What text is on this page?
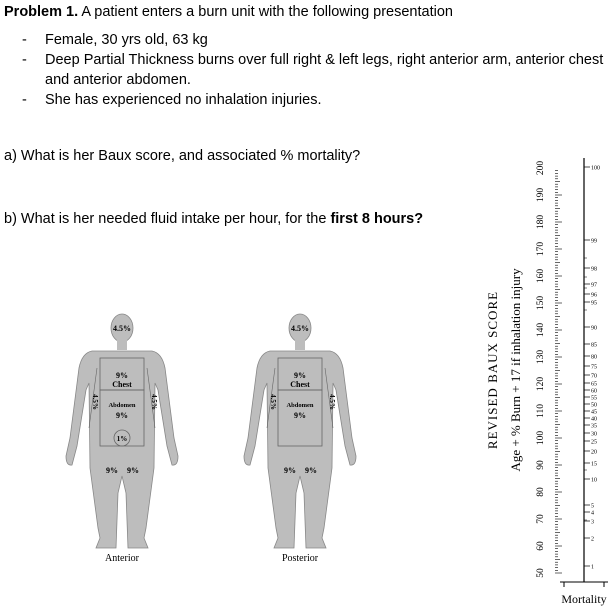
Problem 1. A patient enters a burn unit with the following presentation
- Female, 30 yrs old, 63 kg
- Deep Partial Thickness burns over full right & left legs, right anterior arm, anterior chest and anterior abdomen.
- She has experienced no inhalation injuries.
a) What is her Baux score, and associated % mortality?
b) What is her needed fluid intake per hour, for the first 8 hours?
4.5%
9%
Chest
Abdomen
9%
1%
9% 9%
4.5%	4.5%
Anterior
4.5%
9%
Chest
Abdomen
9%
9% 9%
4.5%	4.5%
Posterior
REVISED BAUX SCORE Age + % Burn + 17 if inhalation injury
50
60
70
80
90
100
110
120
130
140
150
160
170
180
190
200
1
2
3
4
5
10
15
20
25
30
35
40
45
50
55
60
65
70
75
80
85
90
95
96
97
98
99
100
Mortality
